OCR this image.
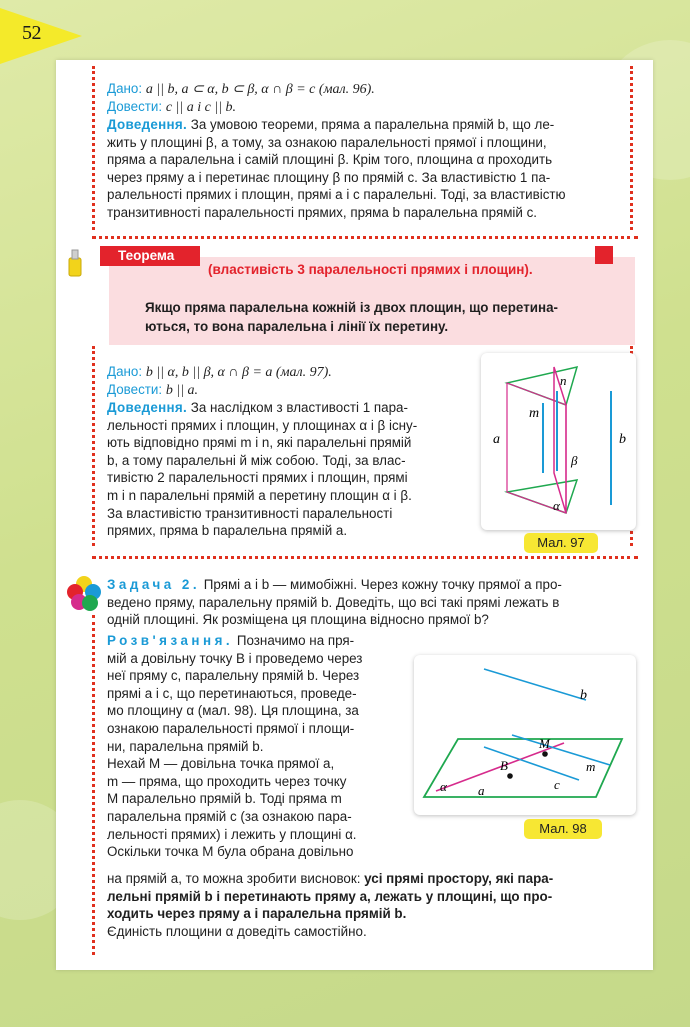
52
Дано: a || b, a ⊂ α, b ⊂ β, α ∩ β = c (мал. 96).
Довести: c || a і c || b.
Доведення. За умовою теореми, пряма a паралельна прямій b, що ле-
жить у площині β, а тому, за ознакою паралельності прямої і площини,
пряма a паралельна і самій площині β. Крім того, площина α проходить
через пряму a і перетинає площину β по прямій c. За властивістю 1 па-
ралельності прямих і площин, прямі a і c паралельні. Тоді, за властивістю
транзитивності паралельності прямих, пряма b паралельна прямій c.
Теорема
(властивість 3 паралельності прямих і площин).
Якщо пряма паралельна кожній із двох площин, що перетина-
ються, то вона паралельна і лінії їх перетину.
Дано: b || α, b || β, α ∩ β = a (мал. 97).
Довести: b || a.
Доведення. За наслідком з властивості 1 пара-
лельності прямих і площин, у площинах α і β існу-
ють відповідно прямі m і n, які паралельні прямій
b, а тому паралельні й між собою. Тоді, за влас-
тивістю 2 паралельності прямих і площин, прямі
m і n паралельні прямій a перетину площин α і β.
За властивістю транзитивності паралельності
прямих, пряма b паралельна прямій a.
a	b
m
n
β
α
Мал. 97
Задача 2. Прямі a і b — мимобіжні. Через кожну точку прямої a про-
ведено пряму, паралельну прямій b. Доведіть, що всі такі прямі лежать в
одній площині. Як розміщена ця площина відносно прямої b?
Розв'язання. Позначимо на пря-
мій a довільну точку B і проведемо через
неї пряму c, паралельну прямій b. Через
прямі a і c, що перетинаються, проведе-
мо площину α (мал. 98). Ця площина, за
ознакою паралельності прямої і площи-
ни, паралельна прямій b.
Нехай M — довільна точка прямої a,
m — пряма, що проходить через точку
M паралельно прямій b. Тоді пряма m
паралельна прямій c (за ознакою пара-
лельності прямих) і лежить у площині α.
Оскільки точка M була обрана довільно
на прямій a, то можна зробити висновок: усі прямі простору, які пара-
лельні прямій b і перетинають пряму a, лежать у площині, що про-
ходить через пряму a і паралельна прямій b.
Єдиність площини α доведіть самостійно.
b
M
B	m
c
a
α
Мал. 98
